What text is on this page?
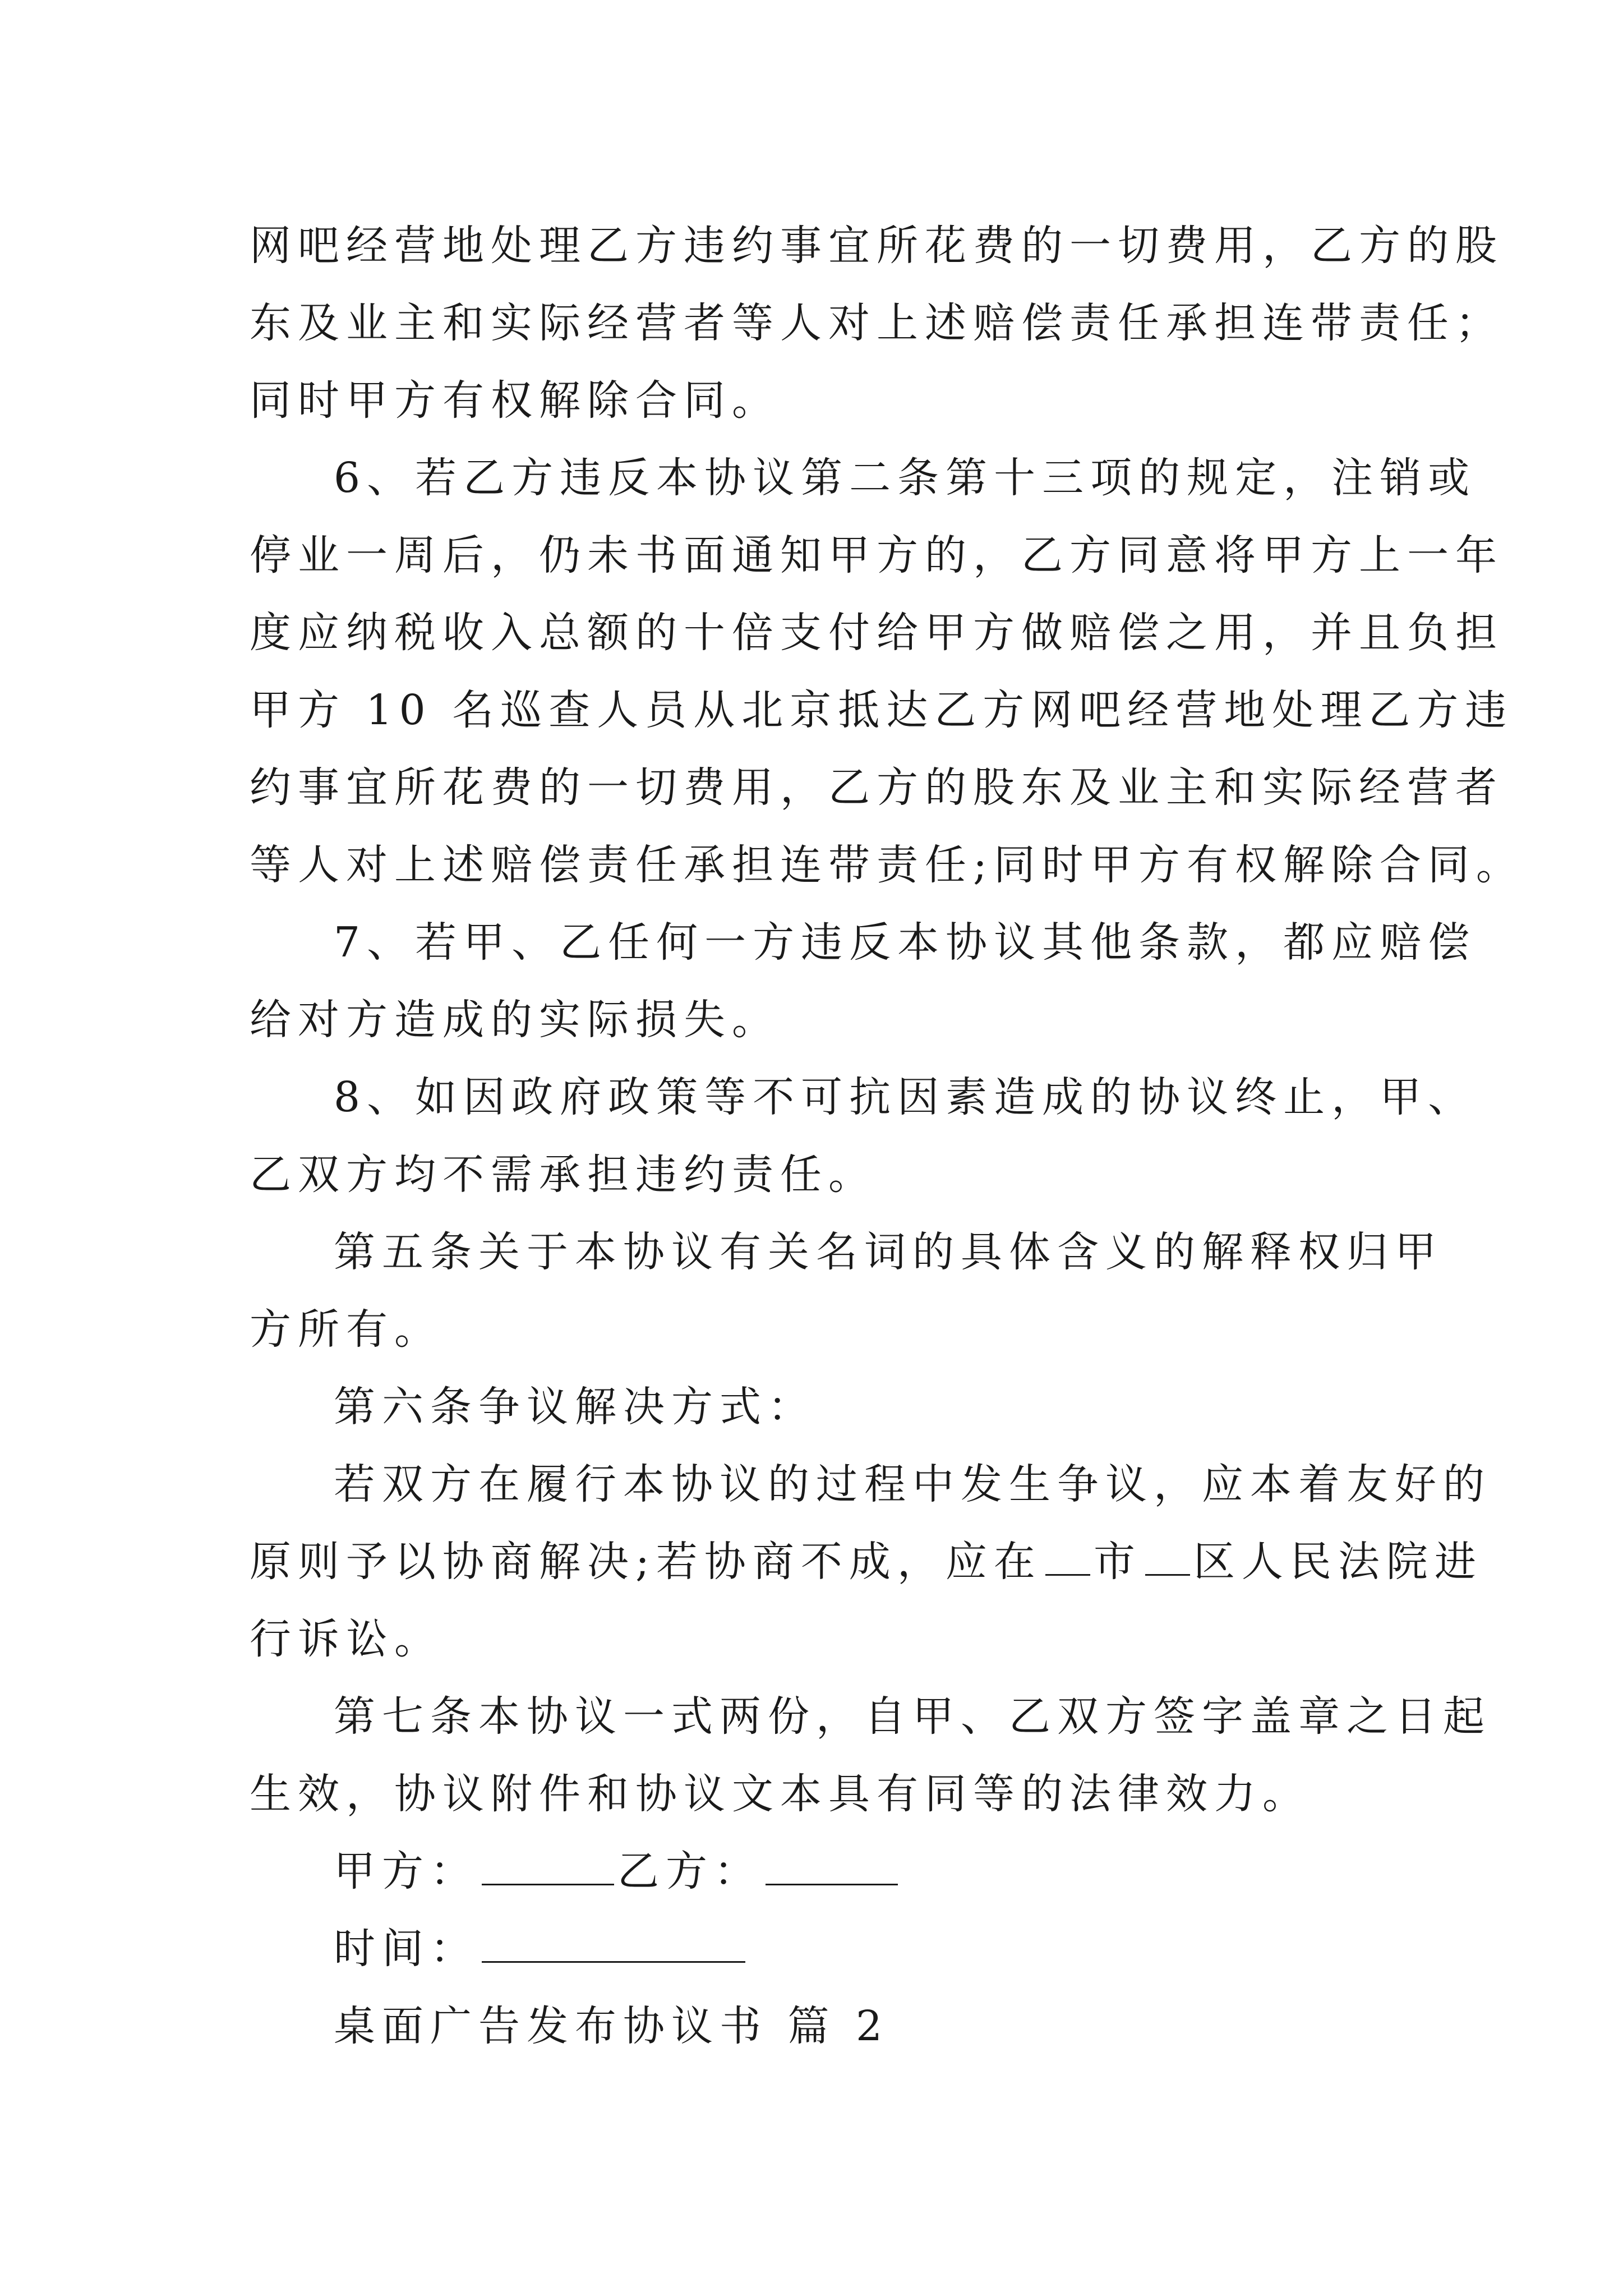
网吧经营地处理乙方违约事宜所花费的一切费用，乙方的股
东及业主和实际经营者等人对上述赔偿责任承担连带责任；
同时甲方有权解除合同。
6、若乙方违反本协议第二条第十三项的规定，注销或
停业一周后，仍未书面通知甲方的，乙方同意将甲方上一年
度应纳税收入总额的十倍支付给甲方做赔偿之用，并且负担
甲方 10 名巡查人员从北京抵达乙方网吧经营地处理乙方违
约事宜所花费的一切费用，乙方的股东及业主和实际经营者
等人对上述赔偿责任承担连带责任;同时甲方有权解除合同。
7、若甲、乙任何一方违反本协议其他条款，都应赔偿
给对方造成的实际损失。
8、如因政府政策等不可抗因素造成的协议终止，甲、
乙双方均不需承担违约责任。
第五条关于本协议有关名词的具体含义的解释权归甲
方所有。
第六条争议解决方式：
若双方在履行本协议的过程中发生争议，应本着友好的
原则予以协商解决;若协商不成，应在 市 区人民法院进
行诉讼。
第七条本协议一式两份，自甲、乙双方签字盖章之日起
生效，协议附件和协议文本具有同等的法律效力。
甲方：	乙方：
时间：
桌面广告发布协议书 篇 2
